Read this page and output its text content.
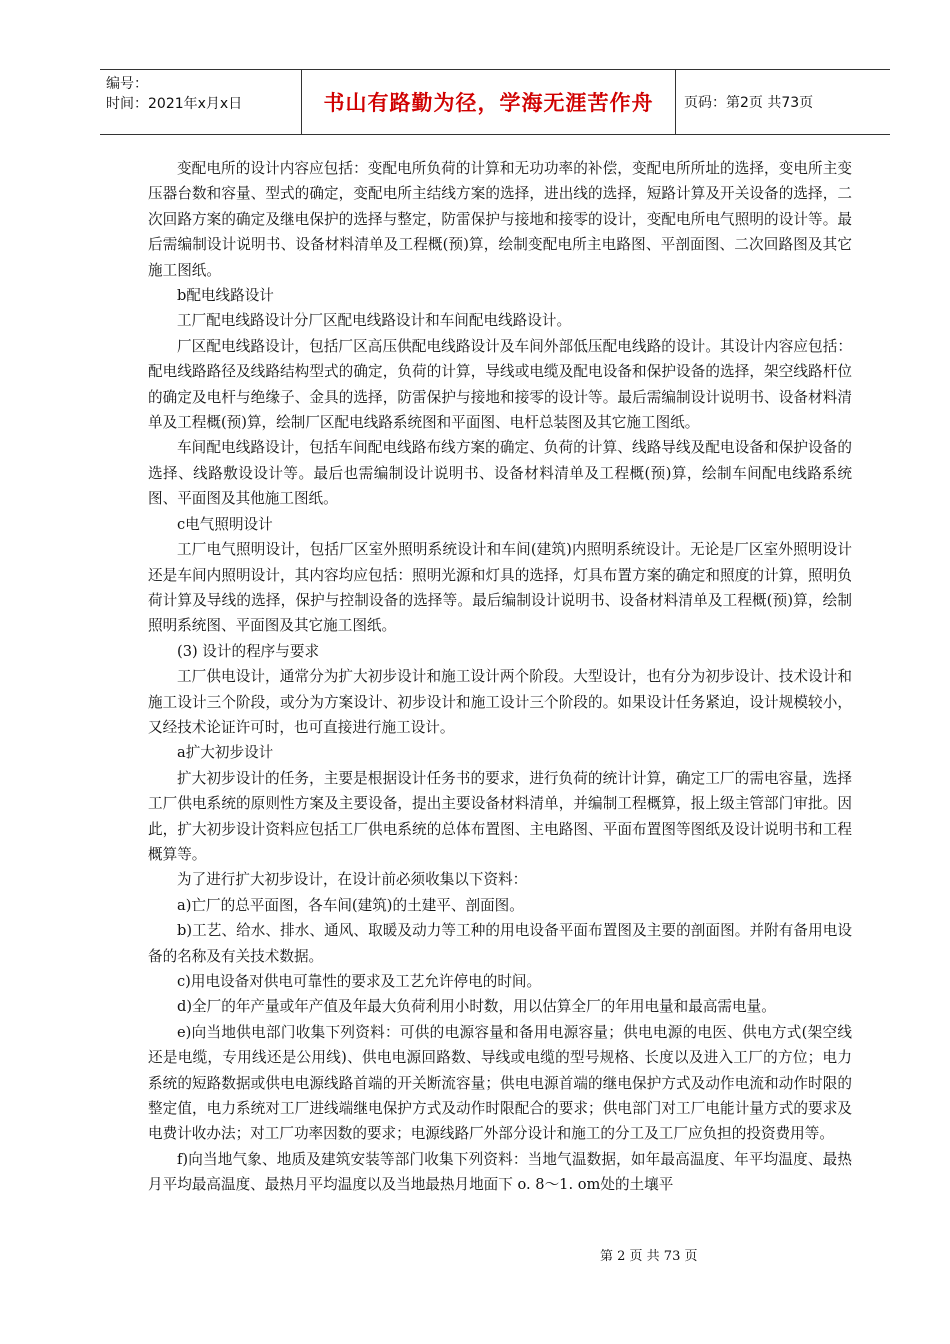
编号：
时间：2021年x月x日	书山有路勤为径，学海无涯苦作舟	页码：第2页 共73页

变配电所的设计内容应包括：变配电所负荷的计算和无功功率的补偿，变配电所所址的选择，变电所主变压器台数和容量、型式的确定，变配电所主结线方案的选择，进出线的选择，短路计算及开关设备的选择，二次回路方案的确定及继电保护的选择与整定，防雷保护与接地和接零的设计，变配电所电气照明的设计等。最后需编制设计说明书、设备材料清单及工程概(预)算，绘制变配电所主电路图、平剖面图、二次回路图及其它施工图纸。

b配电线路设计

工厂配电线路设计分厂区配电线路设计和车间配电线路设计。

厂区配电线路设计，包括厂区高压供配电线路设计及车间外部低压配电线路的设计。其设计内容应包括：配电线路路径及线路结构型式的确定，负荷的计算，导线或电缆及配电设备和保护设备的选择，架空线路杆位的确定及电杆与绝缘子、金具的选择，防雷保护与接地和接零的设计等。最后需编制设计说明书、设备材料清单及工程概(预)算，绘制厂区配电线路系统图和平面图、电杆总装图及其它施工图纸。

车间配电线路设计，包括车间配电线路布线方案的确定、负荷的计算、线路导线及配电设备和保护设备的选择、线路敷设设计等。最后也需编制设计说明书、设备材料清单及工程概(预)算，绘制车间配电线路系统图、平面图及其他施工图纸。

c电气照明设计

工厂电气照明设计，包括厂区室外照明系统设计和车间(建筑)内照明系统设计。无论是厂区室外照明设计还是车间内照明设计，其内容均应包括：照明光源和灯具的选择，灯具布置方案的确定和照度的计算，照明负荷计算及导线的选择，保护与控制设备的选择等。最后编制设计说明书、设备材料清单及工程概(预)算，绘制照明系统图、平面图及其它施工图纸。

(3) 设计的程序与要求

工厂供电设计，通常分为扩大初步设计和施工设计两个阶段。大型设计，也有分为初步设计、技术设计和施工设计三个阶段，或分为方案设计、初步设计和施工设计三个阶段的。如果设计任务紧迫，设计规模较小，又经技术论证许可时，也可直接进行施工设计。

a扩大初步设计

扩大初步设计的任务，主要是根据设计任务书的要求，进行负荷的统计计算，确定工厂的需电容量，选择工厂供电系统的原则性方案及主要设备，提出主要设备材料清单，并编制工程概算，报上级主管部门审批。因此，扩大初步设计资料应包括工厂供电系统的总体布置图、主电路图、平面布置图等图纸及设计说明书和工程概算等。

为了进行扩大初步设计，在设计前必须收集以下资料：

a)亡厂的总平面图，各车间(建筑)的土建平、剖面图。

b)工艺、给水、排水、通风、取暖及动力等工种的用电设备平面布置图及主要的剖面图。并附有备用电设备的名称及有关技术数据。

c)用电设备对供电可靠性的要求及工艺允许停电的时间。

d)全厂的年产量或年产值及年最大负荷利用小时数，用以估算全厂的年用电量和最高需电量。

e)向当地供电部门收集下列资料：可供的电源容量和备用电源容量；供电电源的电医、供电方式(架空线还是电缆，专用线还是公用线)、供电电源回路数、导线或电缆的型号规格、长度以及进入工厂的方位；电力系统的短路数据或供电电源线路首端的开关断流容量；供电电源首端的继电保护方式及动作电流和动作时限的整定值，电力系统对工厂进线端继电保护方式及动作时限配合的要求；供电部门对工厂电能计量方式的要求及电费计收办法；对工厂功率因数的要求；电源线路厂外部分设计和施工的分工及工厂应负担的投资费用等。

f)向当地气象、地质及建筑安装等部门收集下列资料：当地气温数据，如年最高温度、年平均温度、最热月平均最高温度、最热月平均温度以及当地最热月地面下 o. 8～1. om处的土壤平

第 2 页 共 73 页
